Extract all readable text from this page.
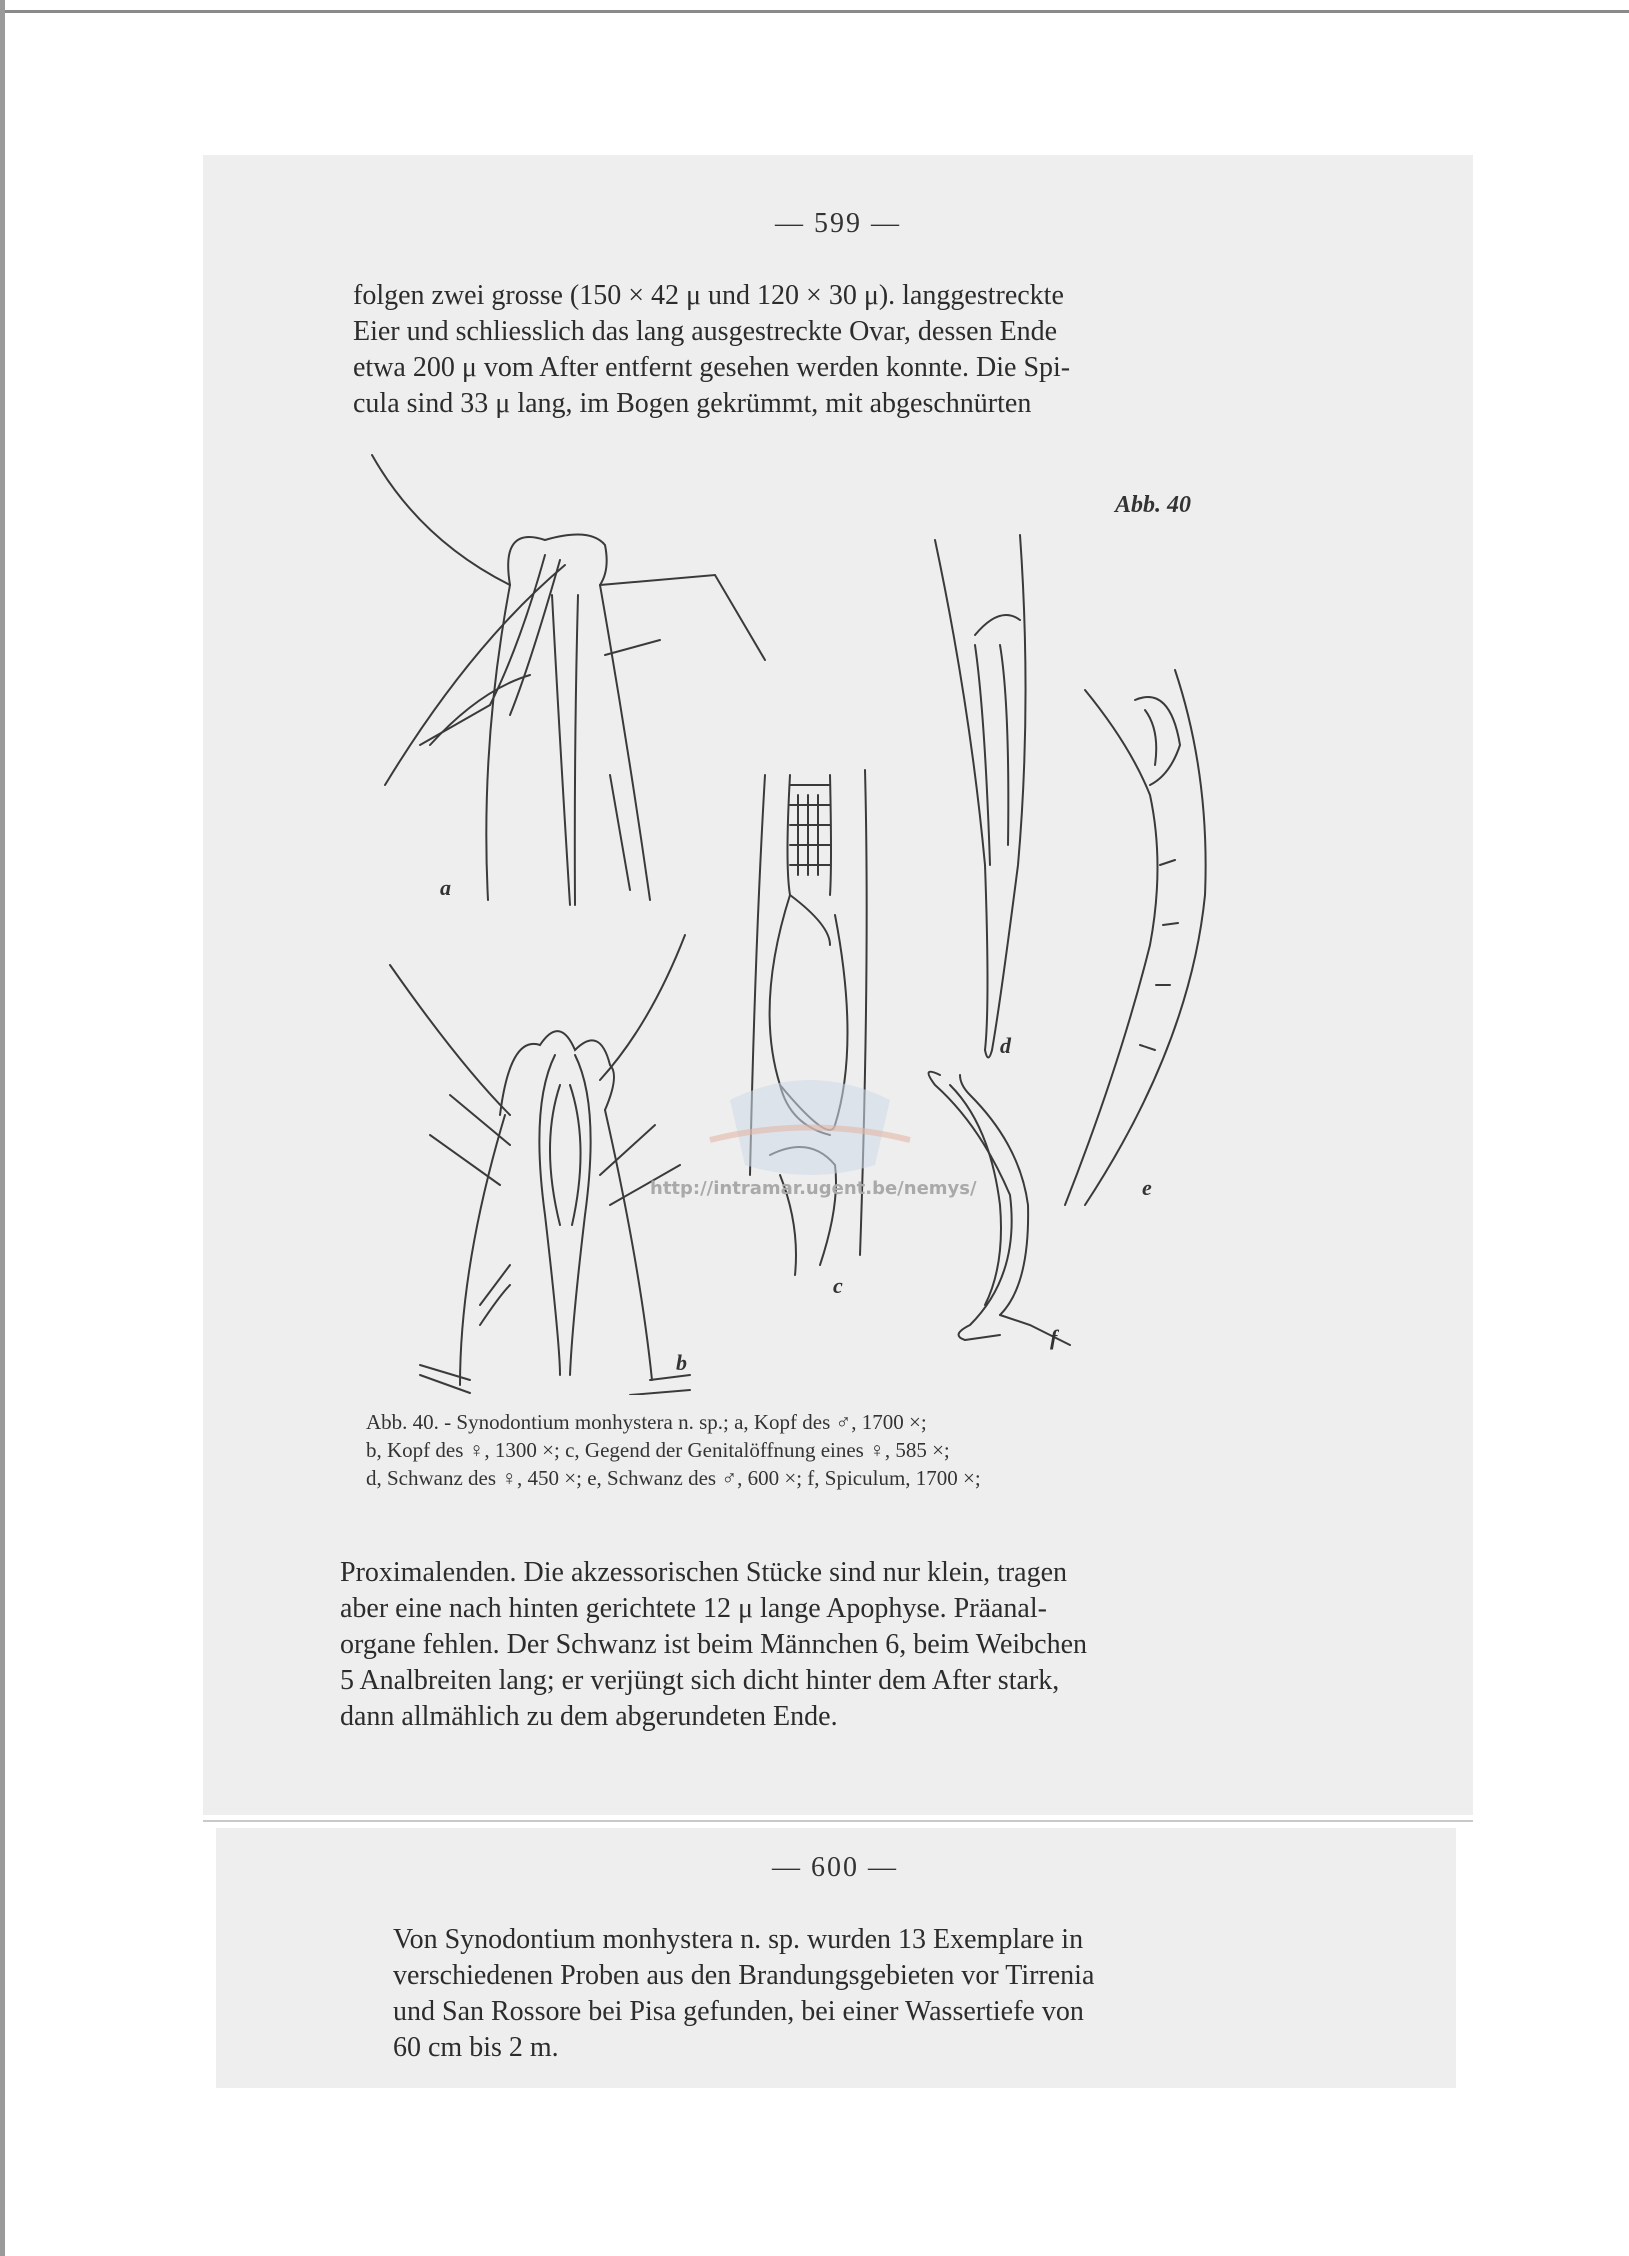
— 599 —
folgen zwei grosse (150 × 42 μ und 120 × 30 μ). langgestreckte
Eier und schliesslich das lang ausgestreckte Ovar, dessen Ende
etwa 200 μ vom After entfernt gesehen werden konnte. Die Spi-
cula sind 33 μ lang, im Bogen gekrümmt, mit abgeschnürten
Abb. 40
a
b
c
d
e
f
http://intramar.ugent.be/nemys/
Abb. 40. - Synodontium monhystera n. sp.; a, Kopf des ♂, 1700 ×;
b, Kopf des ♀, 1300 ×; c, Gegend der Genitalöffnung eines ♀, 585 ×;
d, Schwanz des ♀, 450 ×; e, Schwanz des ♂, 600 ×; f, Spiculum, 1700 ×;
Proximalenden. Die akzessorischen Stücke sind nur klein, tragen
aber eine nach hinten gerichtete 12 μ lange Apophyse. Präanal-
organe fehlen. Der Schwanz ist beim Männchen 6, beim Weibchen
5 Analbreiten lang; er verjüngt sich dicht hinter dem After stark,
dann allmählich zu dem abgerundeten Ende.
— 600 —
Von Synodontium monhystera n. sp. wurden 13 Exemplare in
verschiedenen Proben aus den Brandungsgebieten vor Tirrenia
und San Rossore bei Pisa gefunden, bei einer Wassertiefe von
60 cm bis 2 m.
